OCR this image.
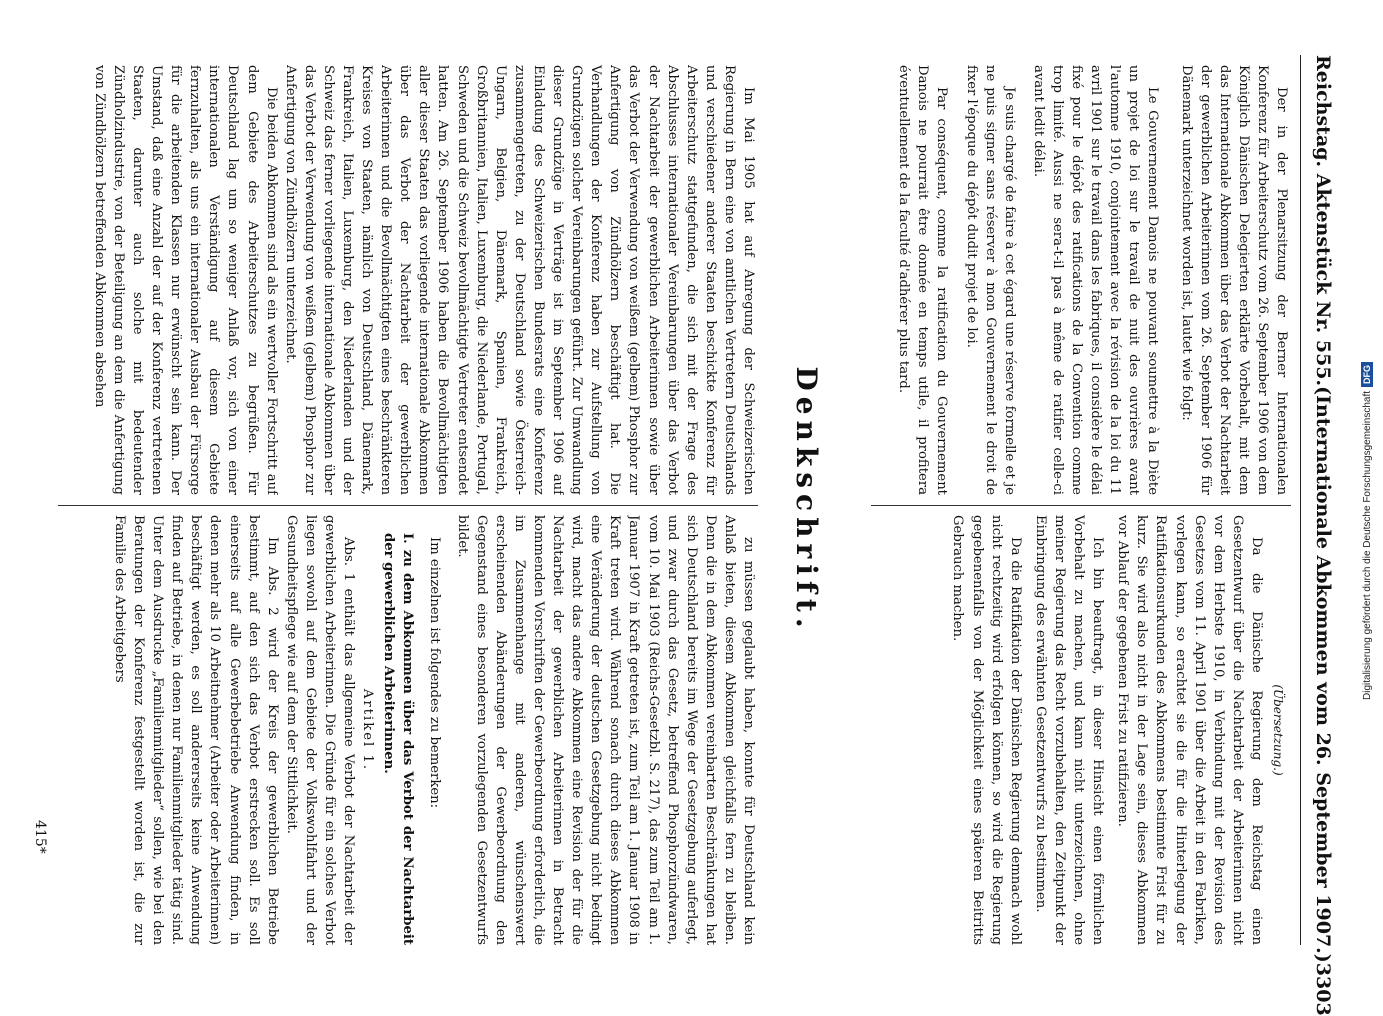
Reichstag. Aktenstück Nr. 555.
(Internationale Abkommen vom 26. September 1907.)
3303

Der in der Plenarsitzung der Berner Internationalen Konferenz für Arbeiterschutz vom 26. September 1906 von dem Königlich Dänischen Delegierten erklärte Vorbehalt, mit dem das Internationale Abkommen über das Verbot der Nachtarbeit der gewerblichen Arbeiterinnen vom 26. September 1906 für Dänemark unterzeichnet worden ist, lautet wie folgt:

Le Gouvernement Danois ne pouvant soumettre à la Diète un projet de loi sur le travail de nuit des ouvrières avant l'automne 1910, conjointement avec la révision de la loi du 11 avril 1901 sur le travail dans les fabriques, il considère le délai fixé pour le dépôt des ratifications de la Convention comme trop limité. Aussi ne sera-t-il pas à même de ratifier celle-ci avant ledit délai.

Je suis chargé de faire à cet égard une réserve formelle et je ne puis signer sans réserver à mon Gouvernement le droit de fixer l'époque du dépôt dudit projet de loi.

Par conséquent, comme la ratification du Gouvernement Danois ne pourrait être donnée en temps utile, il profitera éventuellement de la faculté d'adhérer plus tard.

(Übersetzung.)

Da die Dänische Regierung dem Reichstag einen Gesetzentwurf über die Nachtarbeit der Arbeiterinnen nicht vor dem Herbste 1910, in Verbindung mit der Revision des Gesetzes vom 11. April 1901 über die Arbeit in den Fabriken, vorlegen kann, so erachtet sie die für die Hinterlegung der Ratifikationsurkunden des Abkommens bestimmte Frist für zu kurz. Sie wird also nicht in der Lage sein, dieses Abkommen vor Ablauf der gegebenen Frist zu ratifizieren.

Ich bin beauftragt, in dieser Hinsicht einen förmlichen Vorbehalt zu machen, und kann nicht unterzeichnen, ohne meiner Regierung das Recht vorzubehalten, den Zeitpunkt der Einbringung des erwähnten Gesetzentwurfs zu bestimmen.

Da die Ratifikation der Dänischen Regierung demnach wohl nicht rechtzeitig wird erfolgen können, so wird die Regierung gegebenenfalls von der Möglichkeit eines späteren Beitritts Gebrauch machen.

Denkschrift.

Im Mai 1905 hat auf Anregung der Schweizerischen Regierung in Bern eine von amtlichen Vertretern Deutschlands und verschiedener anderer Staaten beschickte Konferenz für Arbeiterschutz stattgefunden, die sich mit der Frage des Abschlusses internationaler Vereinbarungen über das Verbot der Nachtarbeit der gewerblichen Arbeiterinnen sowie über das Verbot der Verwendung von weißem (gelbem) Phosphor zur Anfertigung von Zündhölzern beschäftigt hat. Die Verhandlungen der Konferenz haben zur Aufstellung von Grundzügen solcher Vereinbarungen geführt. Zur Umwandlung dieser Grundzüge in Verträge ist im September 1906 auf Einladung des Schweizerischen Bundesrats eine Konferenz zusammengetreten, zu der Deutschland sowie Österreich-Ungarn, Belgien, Dänemark, Spanien, Frankreich, Großbritannien, Italien, Luxemburg, die Niederlande, Portugal, Schweden und die Schweiz bevollmächtigte Vertreter entsendet hatten. Am 26. September 1906 haben die Bevollmächtigten aller dieser Staaten das vorliegende internationale Abkommen über das Verbot der Nachtarbeit der gewerblichen Arbeiterinnen und die Bevollmächtigten eines beschränkteren Kreises von Staaten, nämlich von Deutschland, Dänemark, Frankreich, Italien, Luxemburg, den Niederlanden und der Schweiz das ferner vorliegende internationale Abkommen über das Verbot der Verwendung von weißem (gelbem) Phosphor zur Anfertigung von Zündhölzern unterzeichnet.

Die beiden Abkommen sind als ein wertvoller Fortschritt auf dem Gebiete des Arbeiterschutzes zu begrüßen. Für Deutschland lag um so weniger Anlaß vor, sich von einer internationalen Verständigung auf diesem Gebiete fernzuhalten, als uns ein internationaler Ausbau der Fürsorge für die arbeitenden Klassen nur erwünscht sein kann. Der Umstand, daß eine Anzahl der auf der Konferenz vertretenen Staaten, darunter auch solche mit bedeutender Zündholzindustrie, von der Beteiligung an dem die Anfertigung von Zündhölzern betreffenden Abkommen absehen

zu müssen geglaubt haben, konnte für Deutschland kein Anlaß bieten, diesem Abkommen gleichfalls fern zu bleiben. Denn die in dem Abkommen vereinbarten Beschränkungen hat sich Deutschland bereits im Wege der Gesetzgebung auferlegt, und zwar durch das Gesetz, betreffend Phosphorzündwaren, vom 10. Mai 1903 (Reichs-Gesetzbl. S. 217), das zum Teil am 1. Januar 1907 in Kraft getreten ist, zum Teil am 1. Januar 1908 in Kraft treten wird. Während sonach durch dieses Abkommen eine Veränderung der deutschen Gesetzgebung nicht bedingt wird, macht das andere Abkommen eine Revision der für die Nachtarbeit der gewerblichen Arbeiterinnen in Betracht kommenden Vorschriften der Gewerbeordnung erforderlich, die im Zusammenhange mit anderen, wünschenswert erscheinenden Abänderungen der Gewerbeordnung den Gegenstand eines besonderen vorzulegenden Gesetzentwurfs bildet.

Im einzelnen ist folgendes zu bemerken:

I. zu dem Abkommen über das Verbot der Nachtarbeit der gewerblichen Arbeiterinnen.

Artikel 1.

Abs. 1 enthält das allgemeine Verbot der Nachtarbeit der gewerblichen Arbeiterinnen. Die Gründe für ein solches Verbot liegen sowohl auf dem Gebiete der Volkswohlfahrt und der Gesundheitspflege wie auf dem der Sittlichkeit.

Im Abs. 2 wird der Kreis der gewerblichen Betriebe bestimmt, auf den sich das Verbot erstrecken soll. Es soll einerseits auf alle Gewerbebetriebe Anwendung finden, in denen mehr als 10 Arbeitnehmer (Arbeiter oder Arbeiterinnen) beschäftigt werden, es soll andererseits keine Anwendung finden auf Betriebe, in denen nur Familienmitglieder tätig sind. Unter dem Ausdrucke „Familienmitglieder“ sollen, wie bei den Beratungen der Konferenz festgestellt worden ist, die zur Familie des Arbeitgebers

415*
Digitalisierung gefördert durch die Deutsche ForschungsgemeinschaftDFG
